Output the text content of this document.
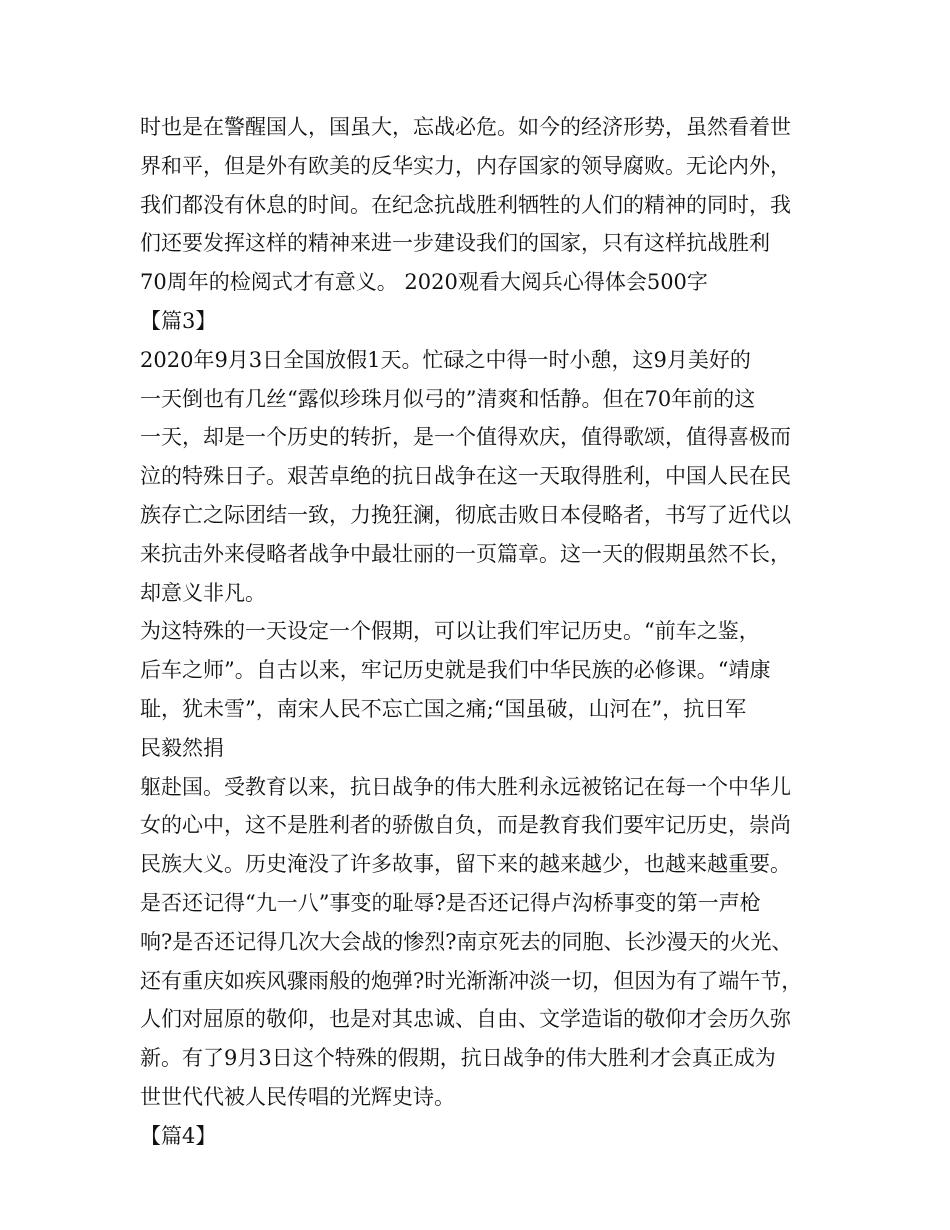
时也是在警醒国人，国虽大，忘战必危。如今的经济形势，虽然看着世
界和平，但是外有欧美的反华实力，内存国家的领导腐败。无论内外，
我们都没有休息的时间。在纪念抗战胜利牺牲的人们的精神的同时，我
们还要发挥这样的精神来进一步建设我们的国家，只有这样抗战胜利
70周年的检阅式才有意义。 2020观看大阅兵心得体会500字
【篇3】
2020年9月3日全国放假1天。忙碌之中得一时小憩，这9月美好的
一天倒也有几丝“露似珍珠月似弓的”清爽和恬静。但在70年前的这
一天，却是一个历史的转折，是一个值得欢庆，值得歌颂，值得喜极而
泣的特殊日子。艰苦卓绝的抗日战争在这一天取得胜利，中国人民在民
族存亡之际团结一致，力挽狂澜，彻底击败日本侵略者，书写了近代以
来抗击外来侵略者战争中最壮丽的一页篇章。这一天的假期虽然不长，
却意义非凡。
为这特殊的一天设定一个假期，可以让我们牢记历史。“前车之鉴，
后车之师”。自古以来，牢记历史就是我们中华民族的必修课。“靖康
耻，犹未雪”，南宋人民不忘亡国之痛;“国虽破，山河在”，抗日军
民毅然捐
躯赴国。受教育以来，抗日战争的伟大胜利永远被铭记在每一个中华儿
女的心中，这不是胜利者的骄傲自负，而是教育我们要牢记历史，崇尚
民族大义。历史淹没了许多故事，留下来的越来越少，也越来越重要。
是否还记得“九一八”事变的耻辱?是否还记得卢沟桥事变的第一声枪
响?是否还记得几次大会战的惨烈?南京死去的同胞、长沙漫天的火光、
还有重庆如疾风骤雨般的炮弹?时光渐渐冲淡一切，但因为有了端午节，
人们对屈原的敬仰，也是对其忠诚、自由、文学造诣的敬仰才会历久弥
新。有了9月3日这个特殊的假期，抗日战争的伟大胜利才会真正成为
世世代代被人民传唱的光辉史诗。
【篇4】
